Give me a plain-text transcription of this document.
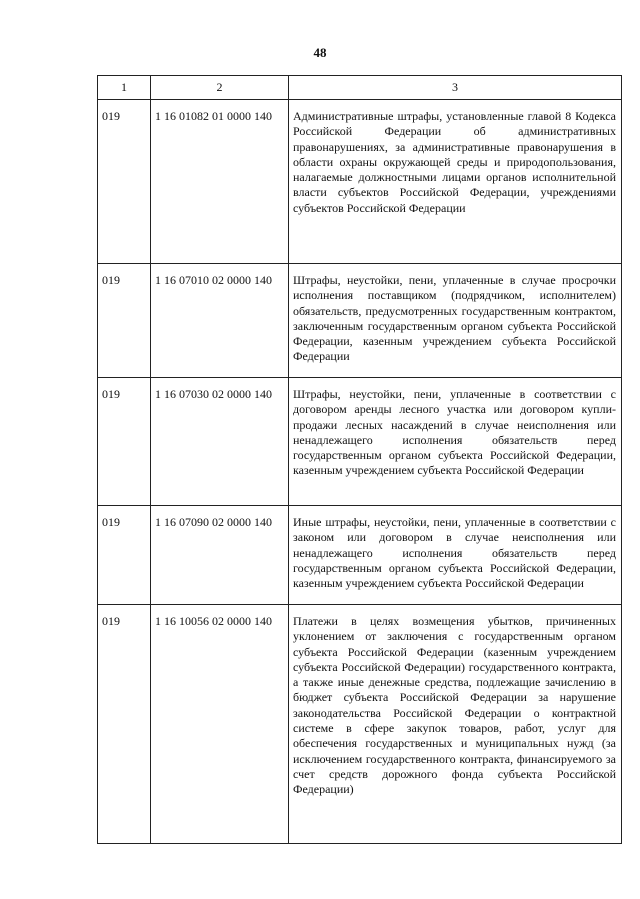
48
1	2	3
019	1 16 01082 01 0000 140	Административные штрафы, установленные главой 8 Кодекса Российской Федерации об административных правонарушениях, за административные правонарушения в области охраны окружающей среды и природопользования, налагаемые должностными лицами органов исполнительной власти субъектов Российской Федерации, учреждениями субъектов Российской Федерации
019	1 16 07010 02 0000 140	Штрафы, неустойки, пени, уплаченные в случае просрочки исполнения поставщиком (подрядчиком, исполнителем) обязательств, предусмотренных государственным контрактом, заключенным государственным органом субъекта Российской Федерации, казенным учреждением субъекта Российской Федерации
019	1 16 07030 02 0000 140	Штрафы, неустойки, пени, уплаченные в соответствии с договором аренды лесного участка или договором купли-продажи лесных насаждений в случае неисполнения или ненадлежащего исполнения обязательств перед государственным органом субъекта Российской Федерации, казенным учреждением субъекта Российской Федерации
019	1 16 07090 02 0000 140	Иные штрафы, неустойки, пени, уплаченные в соответствии с законом или договором в случае неисполнения или ненадлежащего исполнения обязательств перед государственным органом субъекта Российской Федерации, казенным учреждением субъекта Российской Федерации
019	1 16 10056 02 0000 140	Платежи в целях возмещения убытков, причиненных уклонением от заключения с государственным органом субъекта Российской Федерации (казенным учреждением субъекта Российской Федерации) государственного контракта, а также иные денежные средства, подлежащие зачислению в бюджет субъекта Российской Федерации за нарушение законодательства Российской Федерации о контрактной системе в сфере закупок товаров, работ, услуг для обеспечения государственных и муниципальных нужд (за исключением государственного контракта, финансируемого за счет средств дорожного фонда субъекта Российской Федерации)
